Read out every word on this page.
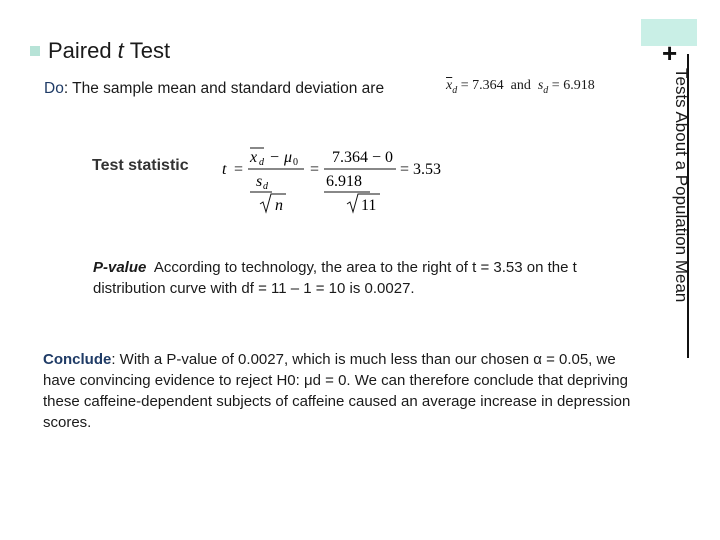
+
Tests About a Population Mean
Paired t Test
Do: The sample mean and standard deviation are	$\overline{x}_d = 7.364$ and $s_d = 6.918$
Test statistic t =
x d − μ 0
s d
n
=
7.364 − 0
6.918
11
= 3.53
P-value According to technology, the area to the right of t = 3.53 on the t distribution curve with df = 11 – 1 = 10 is 0.0027.
Conclude: With a P-value of 0.0027, which is much less than our chosen α = 0.05, we have convincing evidence to reject H0: μd = 0. We can therefore conclude that depriving these caffeine-dependent subjects of caffeine caused an average increase in depression scores.
